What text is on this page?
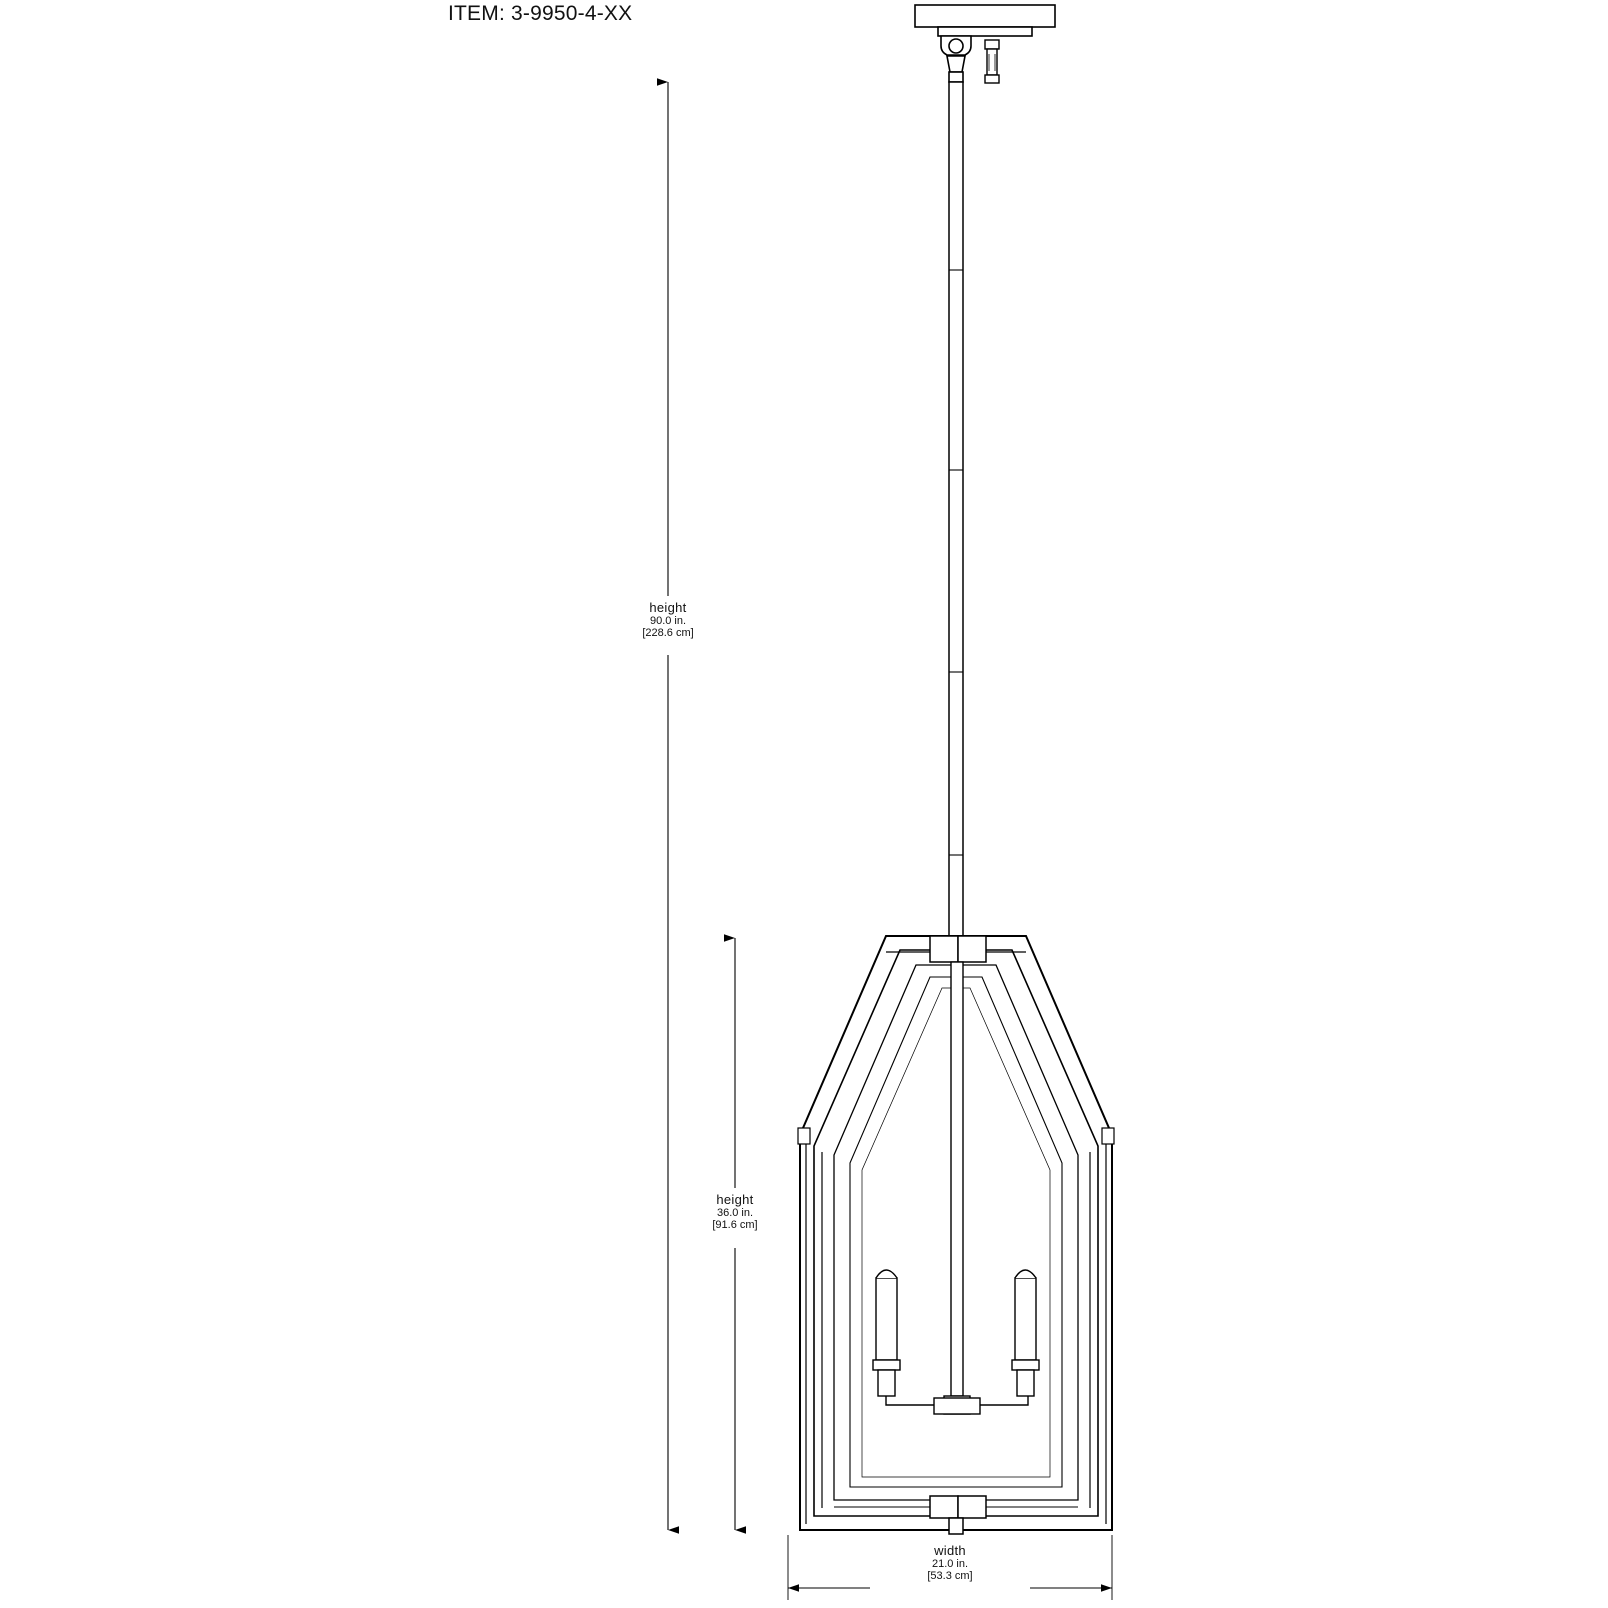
ITEM: 3-9950-4-XX
height
90.0 in.
[228.6 cm]
height
36.0 in.
[91.6 cm]
width
21.0 in.
[53.3 cm]
